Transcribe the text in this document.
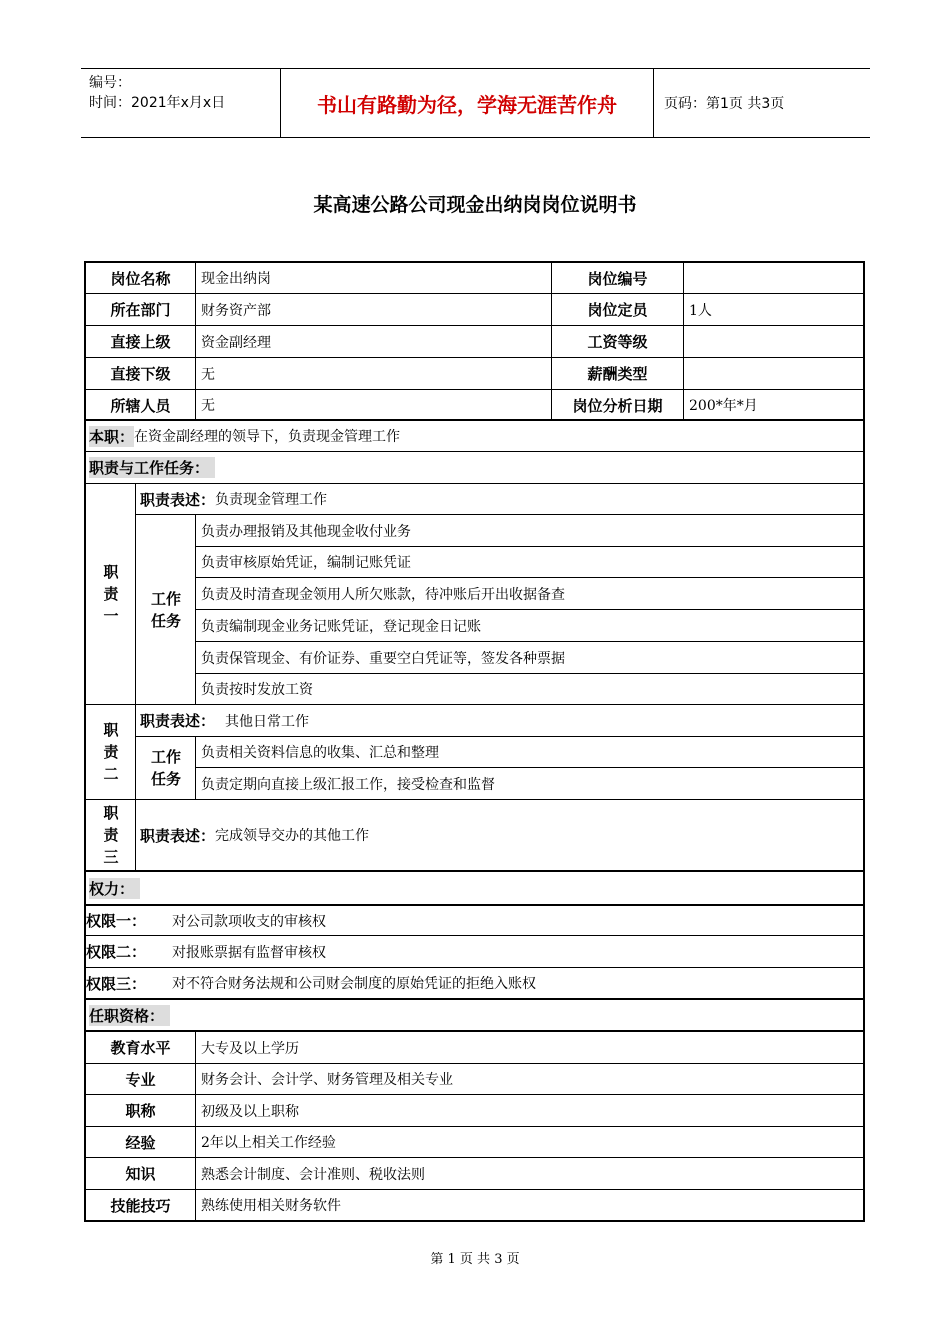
编号：
时间：2021年x月x日	书山有路勤为径，学海无涯苦作舟	页码：第1页 共3页
某高速公路公司现金出纳岗岗位说明书
岗位名称	现金出纳岗	岗位编号
所在部门	财务资产部	岗位定员	1人
直接上级	资金副经理	工资等级
直接下级	无	薪酬类型
所辖人员	无	岗位分析日期	200*年*月
本职： 在资金副经理的领导下，负责现金管理工作
职责与工作任务：
职责一
职责表述： 负责现金管理工作
工作任务
负责办理报销及其他现金收付业务
负责审核原始凭证，编制记账凭证
负责及时清查现金领用人所欠账款，待冲账后开出收据备查
负责编制现金业务记账凭证，登记现金日记账
负责保管现金、有价证券、重要空白凭证等，签发各种票据
负责按时发放工资
职责二
职责表述： 其他日常工作
工作任务
负责相关资料信息的收集、汇总和整理
负责定期向直接上级汇报工作，接受检查和监督
职责三
职责表述： 完成领导交办的其他工作
权力：
权限一：	对公司款项收支的审核权
权限二：	对报账票据有监督审核权
权限三：	对不符合财务法规和公司财会制度的原始凭证的拒绝入账权
任职资格：
教育水平	大专及以上学历
专业	财务会计、会计学、财务管理及相关专业
职称	初级及以上职称
经验	2年以上相关工作经验
知识	熟悉会计制度、会计准则、税收法则
技能技巧	熟练使用相关财务软件
第 1 页 共 3 页
